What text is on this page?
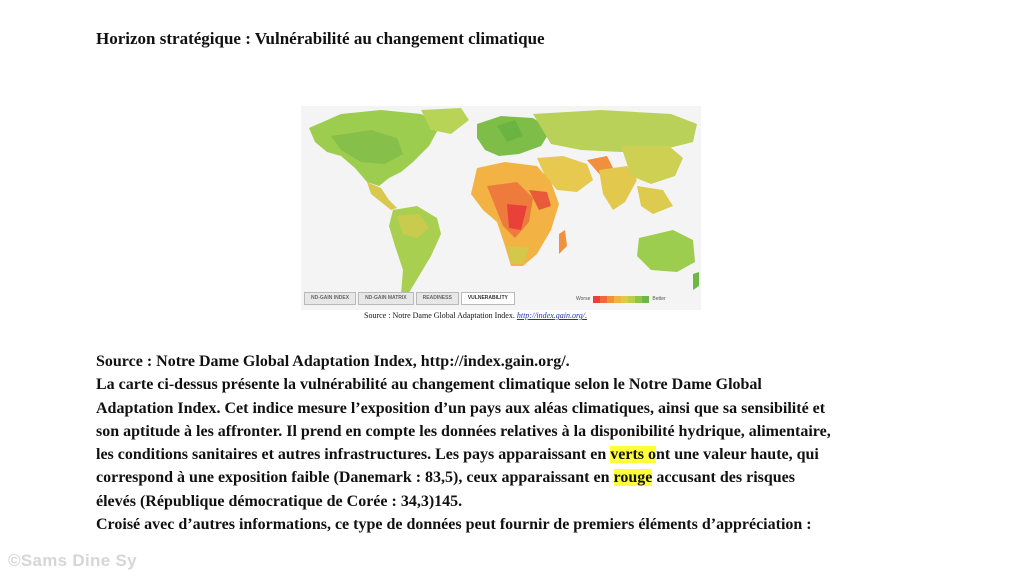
Horizon stratégique : Vulnérabilité au changement climatique
ND-GAIN INDEX	ND-GAIN MATRIX	READINESS	VULNERABILITY	Worse	Better
Source : Notre Dame Global Adaptation Index. http://index.gain.org/.

Source : Notre Dame Global Adaptation Index, http://index.gain.org/.

La carte ci-dessus présente la vulnérabilité au changement climatique selon le Notre Dame Global Adaptation Index. Cet indice mesure l’exposition d’un pays aux aléas climatiques, ainsi que sa sensibilité et son aptitude à les affronter. Il prend en compte les données relatives à la disponibilité hydrique, alimentaire, les conditions sanitaires et autres infrastructures. Les pays apparaissant en verts ont une valeur haute, qui correspond à une exposition faible (Danemark : 83,5), ceux apparaissant en rouge accusant des risques élevés (République démocratique de Corée : 34,3)145.

Croisé avec d’autres informations, ce type de données peut fournir de premiers éléments d’appréciation :

©Sams Dine Sy
